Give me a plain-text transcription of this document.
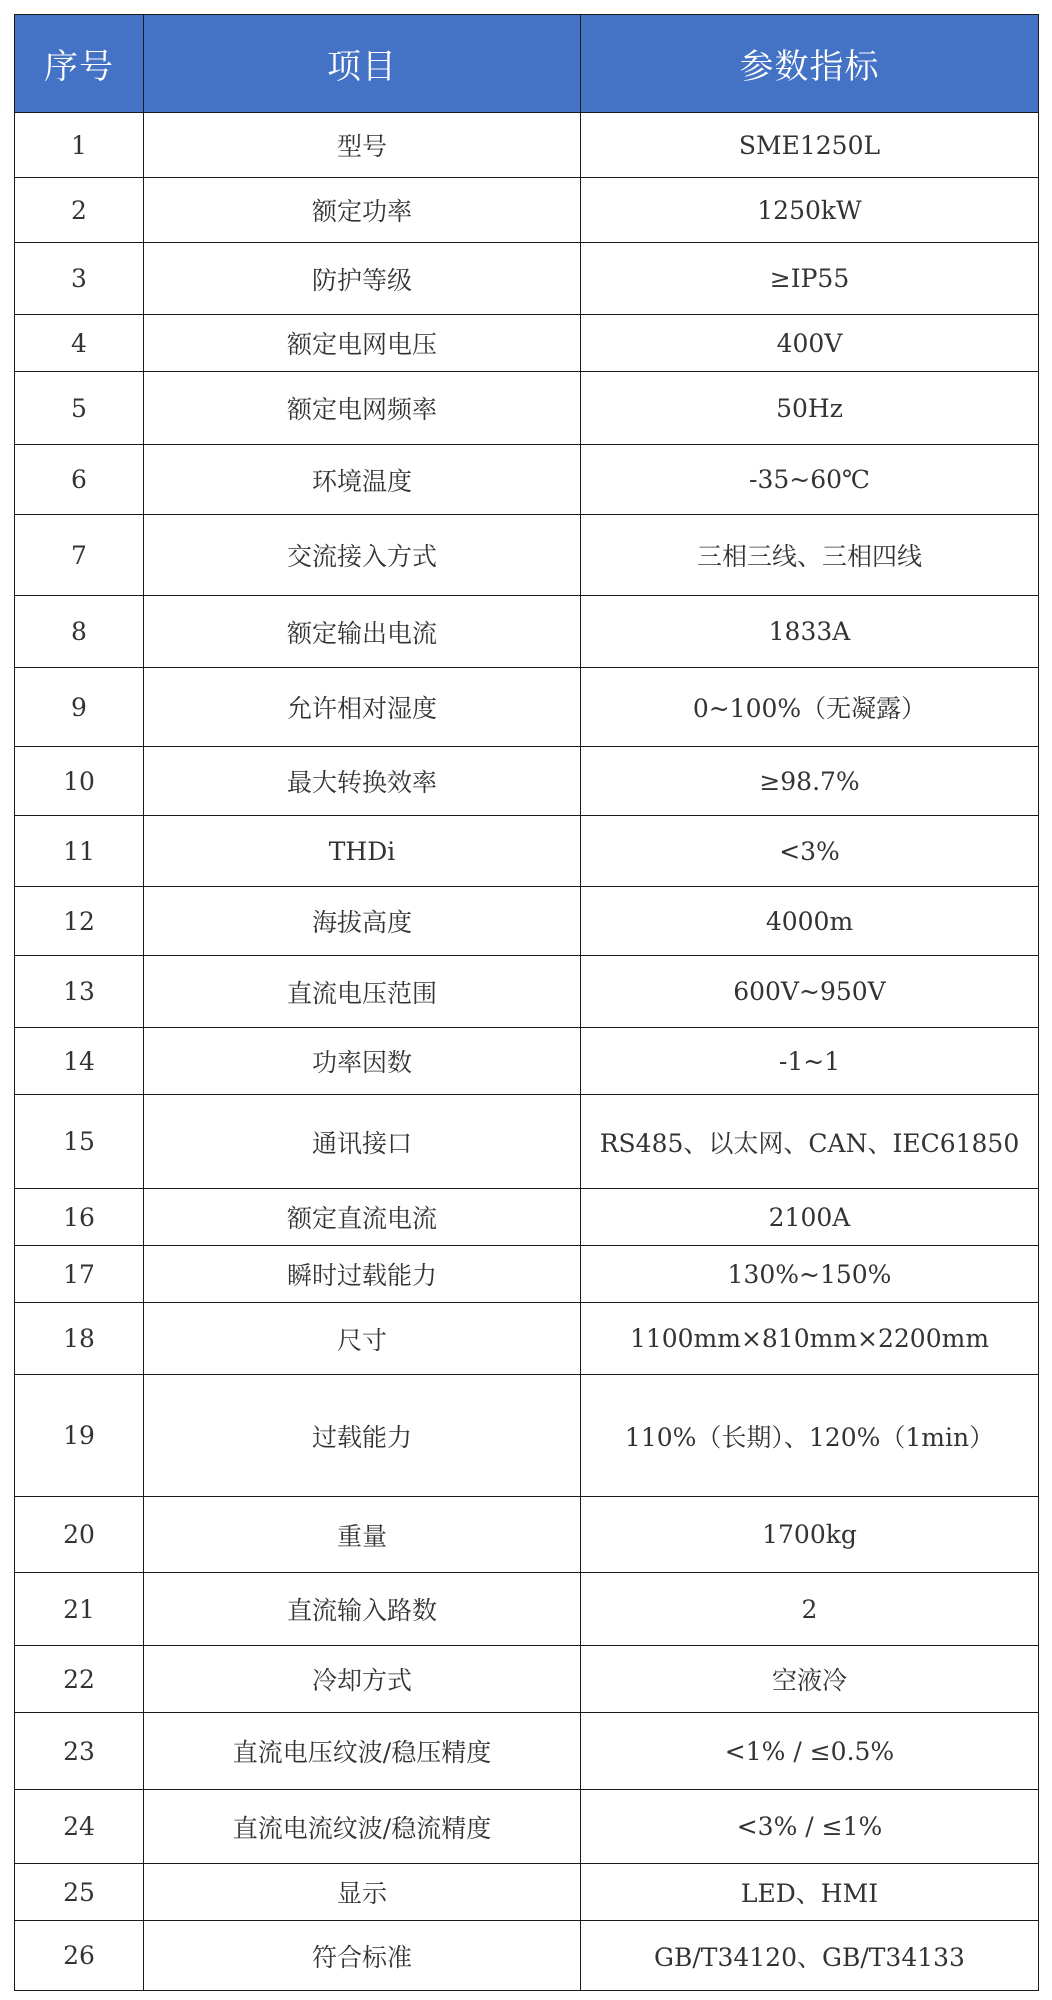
序号	项目	参数指标
1	型号	SME1250L
2	额定功率	1250kW
3	防护等级	≥IP55
4	额定电网电压	400V
5	额定电网频率	50Hz
6	环境温度	-35~60℃
7	交流接入方式	三相三线、三相四线
8	额定输出电流	1833A
9	允许相对湿度	0~100%（无凝露）
10	最大转换效率	≥98.7%
11	THDi	<3%
12	海拔高度	4000m
13	直流电压范围	600V~950V
14	功率因数	-1~1
15	通讯接口	RS485、以太网、CAN、IEC61850
16	额定直流电流	2100A
17	瞬时过载能力	130%~150%
18	尺寸	1100mm×810mm×2200mm
19	过载能力	110%（长期）、120%（1min）
20	重量	1700kg
21	直流输入路数	2
22	冷却方式	空液冷
23	直流电压纹波/稳压精度	<1% / ≤0.5%
24	直流电流纹波/稳流精度	<3% / ≤1%
25	显示	LED、HMI
26	符合标准	GB/T34120、GB/T34133
